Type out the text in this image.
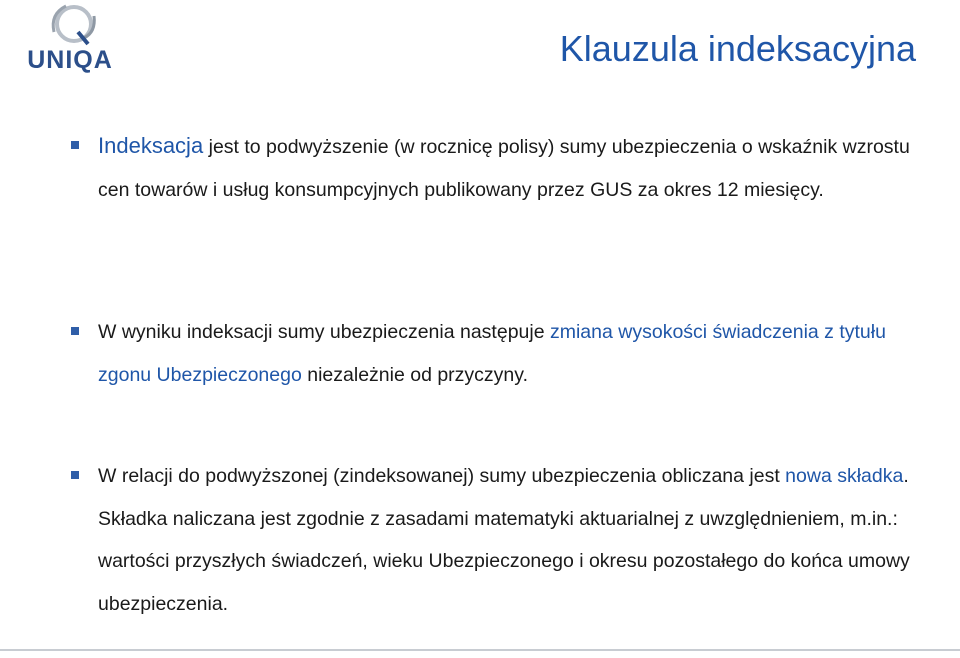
UNIQA	Klauzula indeksacyjna
Indeksacja jest to podwyższenie (w rocznicę polisy) sumy ubezpieczenia o wskaźnik wzrostu cen towarów i usług konsumpcyjnych publikowany przez GUS za okres 12 miesięcy.
W wyniku indeksacji sumy ubezpieczenia następuje zmiana wysokości świadczenia z tytułu zgonu Ubezpieczonego niezależnie od przyczyny.
W relacji do podwyższonej (zindeksowanej) sumy ubezpieczenia obliczana jest nowa składka. Składka naliczana jest zgodnie z zasadami matematyki aktuarialnej z uwzględnieniem, m.in.: wartości przyszłych świadczeń, wieku Ubezpieczonego i okresu pozostałego do końca umowy ubezpieczenia.
